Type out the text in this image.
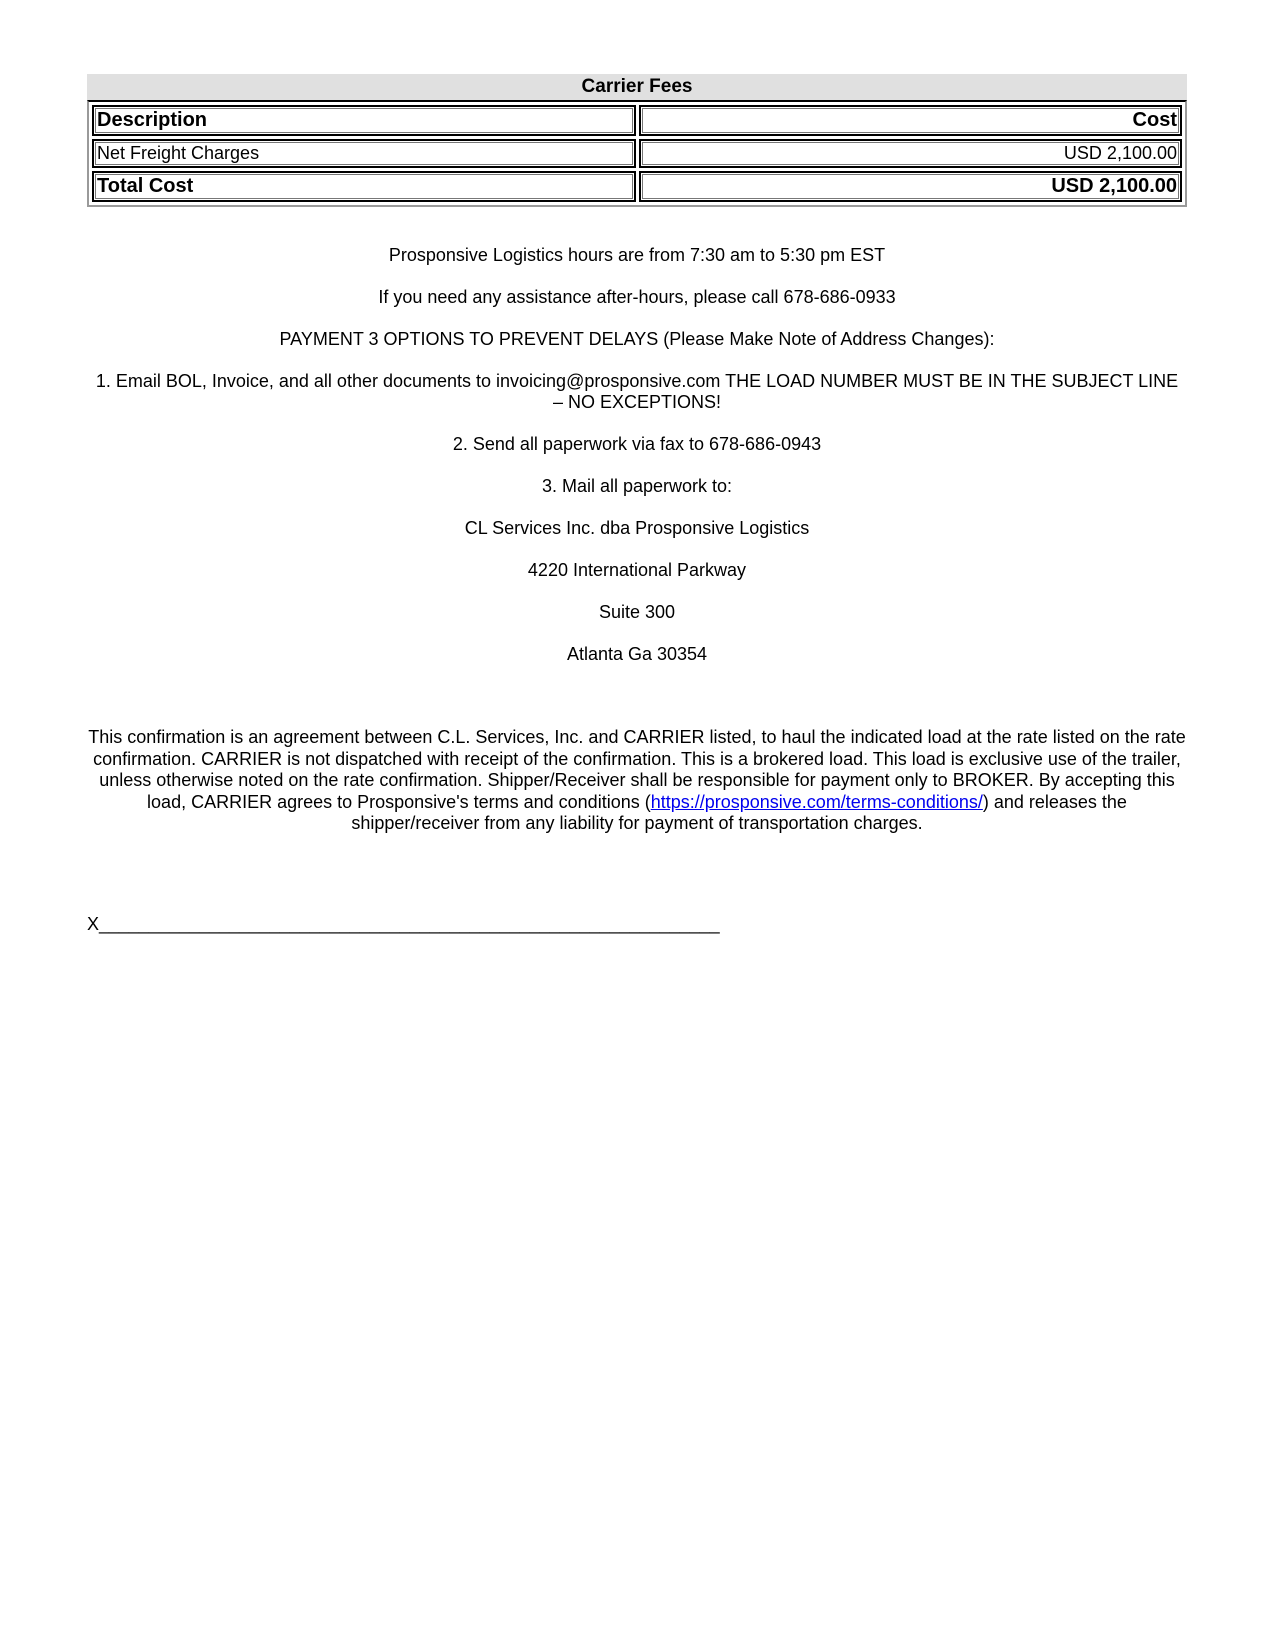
Carrier Fees
Description	Cost
Net Freight Charges	USD 2,100.00
Total Cost	USD 2,100.00

Prosponsive Logistics hours are from 7:30 am to 5:30 pm EST

If you need any assistance after-hours, please call 678-686-0933

PAYMENT 3 OPTIONS TO PREVENT DELAYS (Please Make Note of Address Changes):

1. Email BOL, Invoice, and all other documents to invoicing@prosponsive.com THE LOAD NUMBER MUST BE IN THE SUBJECT LINE – NO EXCEPTIONS!

2. Send all paperwork via fax to 678-686-0943

3. Mail all paperwork to:

CL Services Inc. dba Prosponsive Logistics

4220 International Parkway

Suite 300

Atlanta Ga 30354

This confirmation is an agreement between C.L. Services, Inc. and CARRIER listed, to haul the indicated load at the rate listed on the rate confirmation. CARRIER is not dispatched with receipt of the confirmation. This is a brokered load. This load is exclusive use of the trailer, unless otherwise noted on the rate confirmation. Shipper/Receiver shall be responsible for payment only to BROKER. By accepting this load, CARRIER agrees to Prosponsive's terms and conditions (https://prosponsive.com/terms-conditions/) and releases the shipper/receiver from any liability for payment of transportation charges.
X______________________________________________________________
